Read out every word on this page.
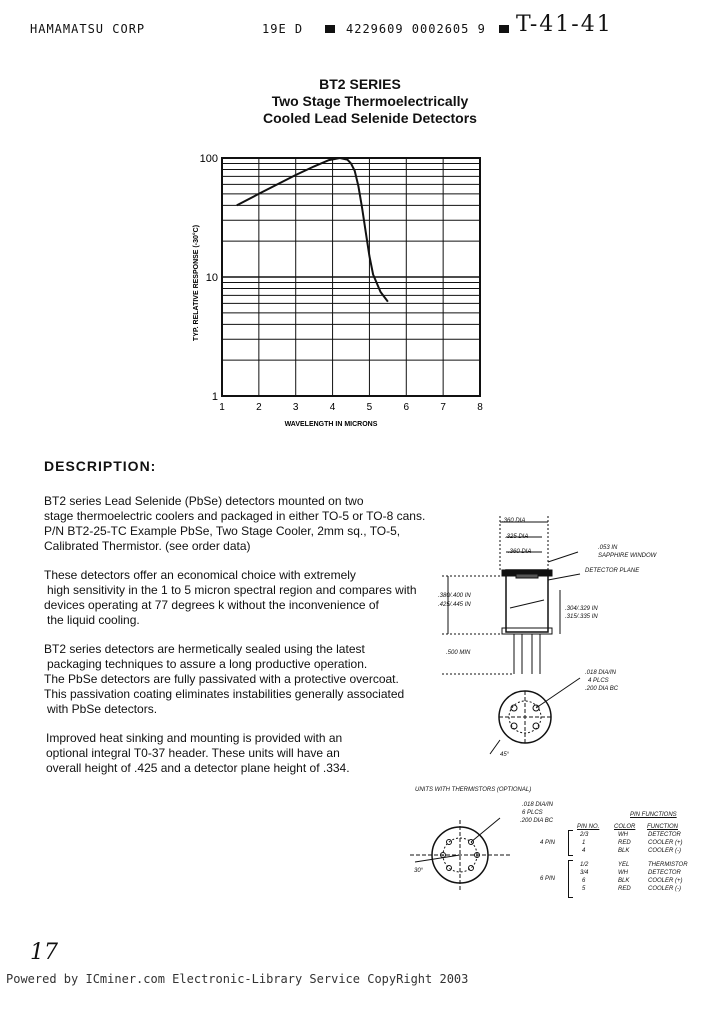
HAMAMATSU CORP	19E D	4229609 0002605 9 T-41-41
BT2 SERIES
Two Stage Thermoelectrically
Cooled Lead Selenide Detectors
1	2	3	4	5	6	7	8
1
10
100
WAVELENGTH IN MICRONS
TYP. RELATIVE RESPONSE (-30°C)
DESCRIPTION:
BT2 series Lead Selenide (PbSe) detectors mounted on two
stage thermoelectric coolers and packaged in either TO-5 or TO-8 cans.
P/N BT2-25-TC Example PbSe, Two Stage Cooler, 2mm sq., TO-5,
Calibrated Thermistor. (see order data)
These detectors offer an economical choice with extremely
high sensitivity in the 1 to 5 micron spectral region and compares with
devices operating at 77 degrees k without the inconvenience of
the liquid cooling.
BT2 series detectors are hermetically sealed using the latest
packaging techniques to assure a long productive operation.
The PbSe detectors are fully passivated with a protective overcoat.
This passivation coating eliminates instabilities generally associated
with PbSe detectors.
Improved heat sinking and mounting is provided with an
optional integral T0-37 header. These units will have an
overall height of .425 and a detector plane height of .334.
.360 DIA
.325 DIA
.360 DIA
.053 IN
SAPPHIRE WINDOW
DETECTOR PLANE
.380/.400 IN
.425/.445 IN
.304/.329 IN
.315/.335 IN
.500 MIN
.018 DIA/IN
4 PLCS
.200 DIA BC
45°
UNITS WITH THERMISTORS (OPTIONAL)
.018 DIA/IN
6 PLCS
.200 DIA BC
30°
PIN FUNCTIONS
PIN NO. COLOR FUNCTION
4 PIN
2/3	WH	DETECTOR
1	RED	COOLER (+)
4	BLK	COOLER (-)
6 PIN
1/2	YEL	THERMISTOR
3/4	WH	DETECTOR
6	BLK	COOLER (+)
5	RED	COOLER (-)
17
Powered by ICminer.com Electronic-Library Service CopyRight 2003
